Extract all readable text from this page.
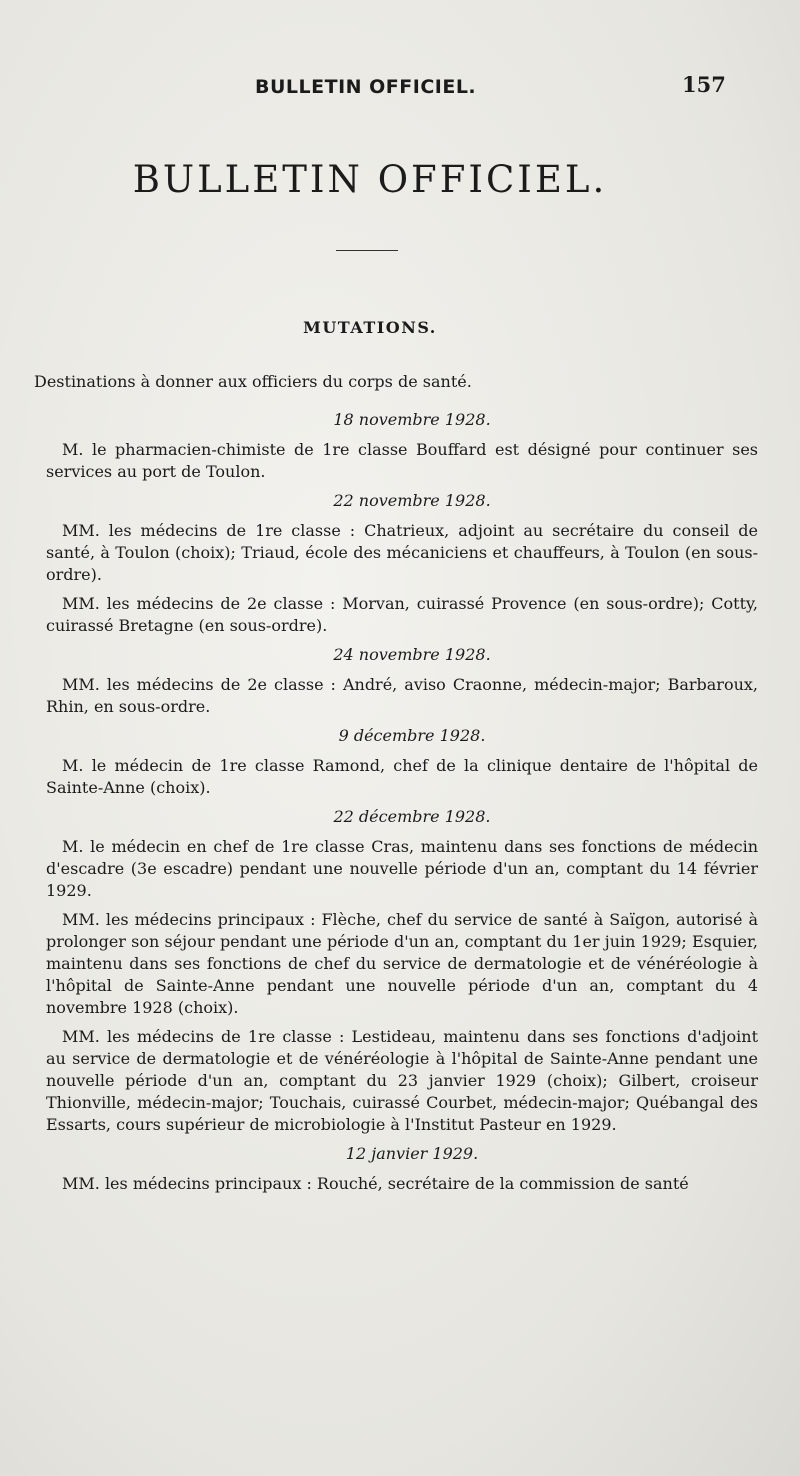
BULLETIN OFFICIEL.	157
BULLETIN OFFICIEL.
MUTATIONS.
Destinations à donner aux officiers du corps de santé.
18 novembre 1928.

M. le pharmacien-chimiste de 1re classe Bouffard est désigné pour continuer ses services au port de Toulon.

22 novembre 1928.

MM. les médecins de 1re classe : Chatrieux, adjoint au secrétaire du conseil de santé, à Toulon (choix); Triaud, école des mécaniciens et chauffeurs, à Toulon (en sous-ordre).

MM. les médecins de 2e classe : Morvan, cuirassé Provence (en sous-ordre); Cotty, cuirassé Bretagne (en sous-ordre).

24 novembre 1928.

MM. les médecins de 2e classe : André, aviso Craonne, médecin-major; Barbaroux, Rhin, en sous-ordre.

9 décembre 1928.

M. le médecin de 1re classe Ramond, chef de la clinique dentaire de l'hôpital de Sainte-Anne (choix).

22 décembre 1928.

M. le médecin en chef de 1re classe Cras, maintenu dans ses fonctions de médecin d'escadre (3e escadre) pendant une nouvelle période d'un an, comptant du 14 février 1929.

MM. les médecins principaux : Flèche, chef du service de santé à Saïgon, autorisé à prolonger son séjour pendant une période d'un an, comptant du 1er juin 1929; Esquier, maintenu dans ses fonctions de chef du service de dermatologie et de vénéréologie à l'hôpital de Sainte-Anne pendant une nouvelle période d'un an, comptant du 4 novembre 1928 (choix).

MM. les médecins de 1re classe : Lestideau, maintenu dans ses fonctions d'adjoint au service de dermatologie et de vénéréologie à l'hôpital de Sainte-Anne pendant une nouvelle période d'un an, comptant du 23 janvier 1929 (choix); Gilbert, croiseur Thionville, médecin-major; Touchais, cuirassé Courbet, médecin-major; Québangal des Essarts, cours supérieur de microbiologie à l'Institut Pasteur en 1929.

12 janvier 1929.

MM. les médecins principaux : Rouché, secrétaire de la commission de santé
